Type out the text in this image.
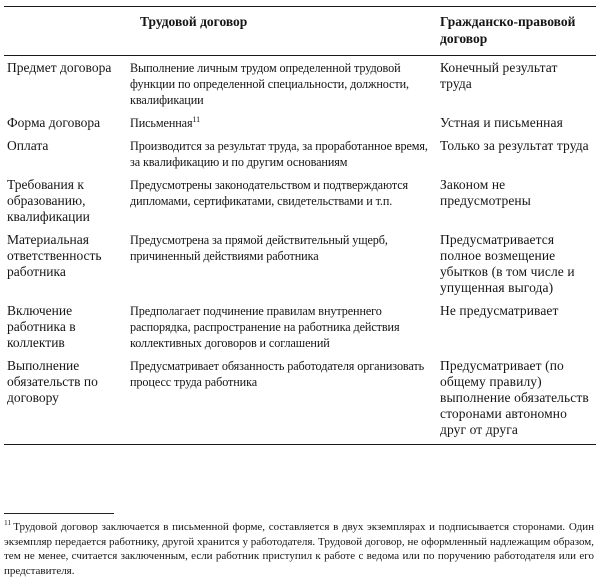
	Трудовой договор	Гражданско-правовой договор
Предмет договора	Выполнение личным трудом определенной трудовой функции по определенной специальности, должности, квалификации	Конечный результат труда
Форма договора	Письменная$^{11}$	Устная и письменная
Оплата	Производится за результат труда, за проработанное время, за квалификацию и по другим основаниям	Только за результат труда
Требования к образованию, квалификации	Предусмотрены законодательством и подтверждаются дипломами, сертификатами, свидетельствами и т.п.	Законом не предусмотрены
Материальная ответственность работника	Предусмотрена за прямой действительный ущерб, причиненный действиями работника	Предусматривается полное возмещение убытков (в том числе и упущенная выгода)
Включение работника в коллектив	Предполагает подчинение правилам внутреннего распорядка, распространение на работника действия коллективных договоров и соглашений	Не предусматривает
Выполнение обязательств по договору	Предусматривает обязанность работодателя организовать процесс труда работника	Предусматривает (по общему правилу) выполнение обязательств сторонами автономно друг от друга
$^{11}$ Трудовой договор заключается в письменной форме, составляется в двух экземплярах и подписывается сторонами. Один экземпляр передается работнику, другой хранится у работодателя. Трудовой договор, не оформленный надлежащим образом, тем не менее, считается заключенным, если работник приступил к работе с ведома или по поручению работодателя или его представителя.
